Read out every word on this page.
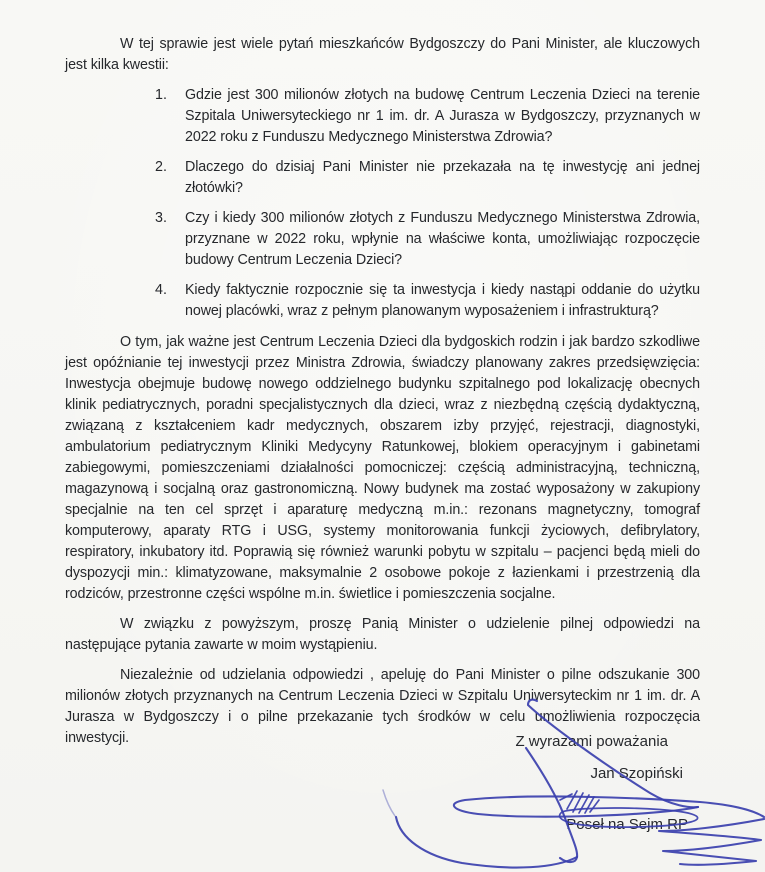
W tej sprawie jest wiele pytań mieszkańców Bydgoszczy do Pani Minister, ale kluczowych jest kilka kwestii:

1.	Gdzie jest 300 milionów złotych na budowę Centrum Leczenia Dzieci na terenie Szpitala Uniwersyteckiego nr 1 im. dr. A Jurasza w Bydgoszczy, przyznanych w 2022 roku z Funduszu Medycznego Ministerstwa Zdrowia?
2.	Dlaczego do dzisiaj Pani Minister nie przekazała na tę inwestycję ani jednej złotówki?
3.	Czy i kiedy 300 milionów złotych z Funduszu Medycznego Ministerstwa Zdrowia, przyznane w 2022 roku, wpłynie na właściwe konta, umożliwiając rozpoczęcie budowy Centrum Leczenia Dzieci?
4.	Kiedy faktycznie rozpocznie się ta inwestycja i kiedy nastąpi oddanie do użytku nowej placówki, wraz z pełnym planowanym wyposażeniem i infrastrukturą?

O tym, jak ważne jest Centrum Leczenia Dzieci dla bydgoskich rodzin i jak bardzo szkodliwe jest opóźnianie tej inwestycji przez Ministra Zdrowia, świadczy planowany zakres przedsięwzięcia: Inwestycja obejmuje budowę nowego oddzielnego budynku szpitalnego pod lokalizację obecnych klinik pediatrycznych, poradni specjalistycznych dla dzieci, wraz z niezbędną częścią dydaktyczną, związaną z kształceniem kadr medycznych, obszarem izby przyjęć, rejestracji, diagnostyki, ambulatorium pediatrycznym Kliniki Medycyny Ratunkowej, blokiem operacyjnym i gabinetami zabiegowymi, pomieszczeniami działalności pomocniczej: częścią administracyjną, techniczną, magazynową i socjalną oraz gastronomiczną. Nowy budynek ma zostać wyposażony w zakupiony specjalnie na ten cel sprzęt i aparaturę medyczną m.in.: rezonans magnetyczny, tomograf komputerowy, aparaty RTG i USG, systemy monitorowania funkcji życiowych, defibrylatory, respiratory, inkubatory itd. Poprawią się również warunki pobytu w szpitalu – pacjenci będą mieli do dyspozycji min.: klimatyzowane, maksymalnie 2 osobowe pokoje z łazienkami i przestrzenią dla rodziców, przestronne części wspólne m.in. świetlice i pomieszczenia socjalne.

W związku z powyższym, proszę Panią Minister o udzielenie pilnej odpowiedzi na następujące pytania zawarte w moim wystąpieniu.

Niezależnie od udzielania odpowiedzi , apeluję do Pani Minister o pilne odszukanie 300 milionów złotych przyznanych na Centrum Leczenia Dzieci w Szpitalu Uniwersyteckim nr 1 im. dr. A Jurasza w Bydgoszczy i o pilne przekazanie tych środków w celu umożliwienia rozpoczęcia inwestycji.	Z wyrazami poważania
Jan Szopiński
Poseł na Sejm RP
